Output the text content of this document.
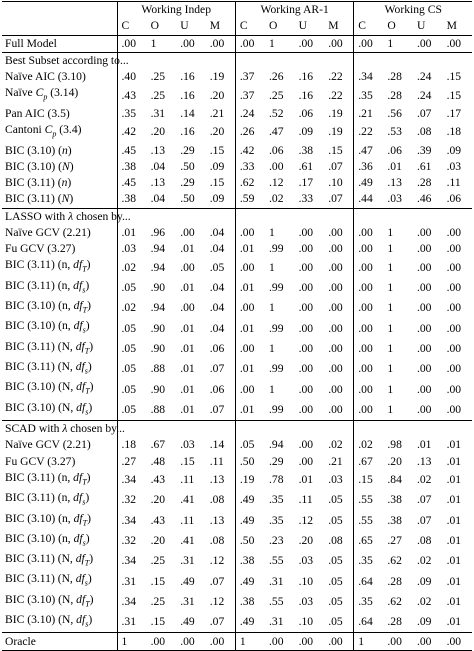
	Working Indep				Working AR-1				Working CS			
	C	O	U	M	C	O	U	M	C	O	U	M
Full Model	.00	1	.00	.00	.00	1	.00	.00	.00	1	.00	.00
Best Subset according to...												
Naïve AIC (3.10)	.40	.25	.16	.19	.37	.26	.16	.22	.34	.28	.24	.15
Naïve $C_p$ (3.14)	.43	.25	.16	.20	.37	.25	.16	.22	.35	.28	.24	.15
Pan AIC (3.5)	.35	.31	.14	.21	.24	.52	.06	.19	.21	.56	.07	.17
Cantoni $C_p$ (3.4)	.42	.20	.16	.20	.26	.47	.09	.19	.22	.53	.08	.18
BIC (3.10) (n)	.45	.13	.29	.15	.42	.06	.38	.15	.47	.06	.39	.09
BIC (3.10) (N)	.38	.04	.50	.09	.33	.00	.61	.07	.36	.01	.61	.03
BIC (3.11) (n)	.45	.13	.29	.15	.62	.12	.17	.10	.49	.13	.28	.11
BIC (3.11) (N)	.38	.04	.50	.09	.59	.02	.33	.07	.44	.03	.46	.06
LASSO with λ chosen by...												
Naïve GCV (2.21)	.01	.96	.00	.04	.00	1	.00	.00	.00	1	.00	.00
Fu GCV (3.27)	.03	.94	.01	.04	.01	.99	.00	.00	.00	1	.00	.00
BIC (3.11) (n, $df_T$)	.02	.94	.00	.05	.00	1	.00	.00	.00	1	.00	.00
BIC (3.11) (n, $df_s$)	.05	.90	.01	.04	.01	.99	.00	.00	.00	1	.00	.00
BIC (3.10) (n, $df_T$)	.02	.94	.00	.04	.00	1	.00	.00	.00	1	.00	.00
BIC (3.10) (n, $df_s$)	.05	.90	.01	.04	.01	.99	.00	.00	.00	1	.00	.00
BIC (3.11) (N, $df_T$)	.05	.90	.01	.06	.00	1	.00	.00	.00	1	.00	.00
BIC (3.11) (N, $df_s$)	.05	.88	.01	.07	.01	.99	.00	.00	.00	1	.00	.00
BIC (3.10) (N, $df_T$)	.05	.90	.01	.06	.00	1	.00	.00	.00	1	.00	.00
BIC (3.10) (N, $df_s$)	.05	.88	.01	.07	.01	.99	.00	.00	.00	1	.00	.00
SCAD with λ chosen by...												
Naïve GCV (2.21)	.18	.67	.03	.14	.05	.94	.00	.02	.02	.98	.01	.01
Fu GCV (3.27)	.27	.48	.15	.11	.50	.29	.00	.21	.67	.20	.13	.01
BIC (3.11) (n, $df_T$)	.34	.43	.11	.13	.19	.78	.01	.03	.15	.84	.02	.01
BIC (3.11) (n, $df_s$)	.32	.20	.41	.08	.49	.35	.11	.05	.55	.38	.07	.01
BIC (3.10) (n, $df_T$)	.34	.43	.11	.13	.49	.35	.12	.05	.55	.38	.07	.01
BIC (3.10) (n, $df_s$)	.32	.20	.41	.08	.50	.23	.20	.08	.65	.27	.08	.01
BIC (3.11) (N, $df_T$)	.34	.25	.31	.12	.38	.55	.03	.05	.35	.62	.02	.01
BIC (3.11) (N, $df_s$)	.31	.15	.49	.07	.49	.31	.10	.05	.64	.28	.09	.01
BIC (3.10) (N, $df_T$)	.34	.25	.31	.12	.38	.55	.03	.05	.35	.62	.02	.01
BIC (3.10) (N, $df_s$)	.31	.15	.49	.07	.49	.31	.10	.05	.64	.28	.09	.01
Oracle	1	.00	.00	.00	1	.00	.00	.00	1	.00	.00	.00
